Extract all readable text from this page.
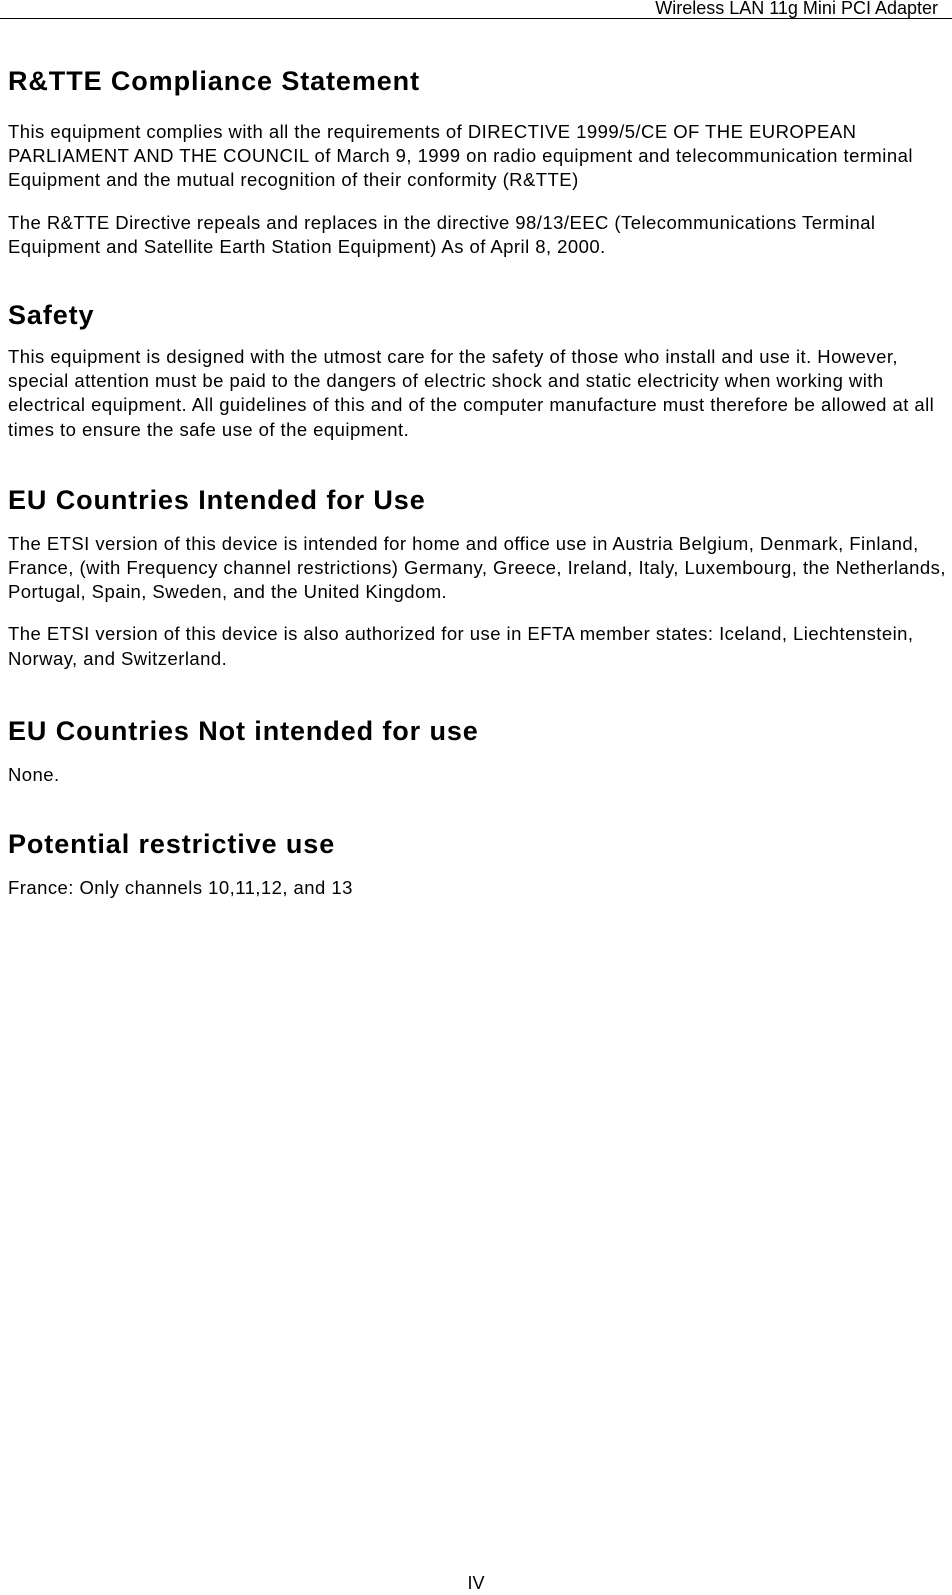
Wireless LAN 11g Mini PCI Adapter
R&TTE Compliance Statement

This equipment complies with all the requirements of DIRECTIVE 1999/5/CE OF THE EUROPEAN PARLIAMENT AND THE COUNCIL of March 9, 1999 on radio equipment and telecommunication terminal Equipment and the mutual recognition of their conformity (R&TTE)

The R&TTE Directive repeals and replaces in the directive 98/13/EEC (Telecommunications Terminal Equipment and Satellite Earth Station Equipment) As of April 8, 2000.

Safety

This equipment is designed with the utmost care for the safety of those who install and use it. However, special attention must be paid to the dangers of electric shock and static electricity when working with electrical equipment. All guidelines of this and of the computer manufacture must therefore be allowed at all times to ensure the safe use of the equipment.

EU Countries Intended for Use

The ETSI version of this device is intended for home and office use in Austria Belgium, Denmark, Finland, France, (with Frequency channel restrictions) Germany, Greece, Ireland, Italy, Luxembourg, the Netherlands, Portugal, Spain, Sweden, and the United Kingdom.

The ETSI version of this device is also authorized for use in EFTA member states: Iceland, Liechtenstein, Norway, and Switzerland.

EU Countries Not intended for use

None.

Potential restrictive use

France: Only channels 10,11,12, and 13

IV
